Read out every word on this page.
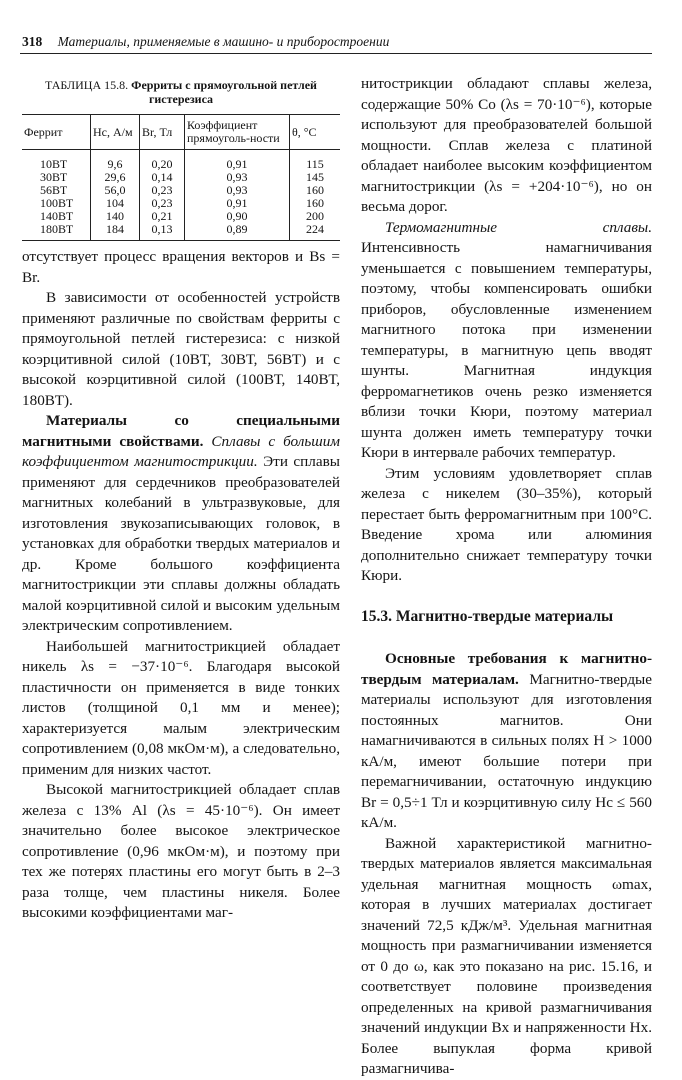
318 Материалы, применяемые в машино- и приборостроении
ТАБЛИЦА 15.8. Ферриты с прямоугольной петлей гистерезиса
Феррит	Hc, А/м	Br, Тл	Коэффициент прямоуголь-ности	θ, °С
10ВТ	9,6	0,20	0,91	115
30ВТ	29,6	0,14	0,93	145
56ВТ	56,0	0,23	0,93	160
100ВТ	104	0,23	0,91	160
140ВТ	140	0,21	0,90	200
180ВТ	184	0,13	0,89	224

отсутствует процесс вращения векторов и Bs = Br.

В зависимости от особенностей устройств применяют различные по свойствам ферриты с прямоугольной петлей гистерезиса: с низкой коэрцитивной силой (10ВТ, 30ВТ, 56ВТ) и с высокой коэрцитивной силой (100ВТ, 140ВТ, 180ВТ).

Материалы со специальными магнитными свойствами. Сплавы с большим коэффициентом магнитострикции. Эти сплавы применяют для сердечников преобразователей магнитных колебаний в ультразвуковые, для изготовления звукозаписывающих головок, в установках для обработки твердых материалов и др. Кроме большого коэффициента магнитострикции эти сплавы должны обладать малой коэрцитивной силой и высоким удельным электрическим сопротивлением.

Наибольшей магнитострикцией обладает никель λs = −37·10⁻⁶. Благодаря высокой пластичности он применяется в виде тонких листов (толщиной 0,1 мм и менее); характеризуется малым электрическим сопротивлением (0,08 мкОм·м), а следовательно, применим для низких частот.

Высокой магнитострикцией обладает сплав железа с 13% Al (λs = 45·10⁻⁶). Он имеет значительно более высокое электрическое сопротивление (0,96 мкОм·м), и поэтому при тех же потерях пластины его могут быть в 2–3 раза толще, чем пластины никеля. Более высокими коэффициентами маг-

нитострикции обладают сплавы железа, содержащие 50% Co (λs = 70·10⁻⁶), которые используют для преобразователей большой мощности. Сплав железа с платиной обладает наиболее высоким коэффициентом магнитострикции (λs = +204·10⁻⁶), но он весьма дорог.

Термомагнитные сплавы. Интенсивность намагничивания уменьшается с повышением температуры, поэтому, чтобы компенсировать ошибки приборов, обусловленные изменением магнитного потока при изменении температуры, в магнитную цепь вводят шунты. Магнитная индукция ферромагнетиков очень резко изменяется вблизи точки Кюри, поэтому материал шунта должен иметь температуру точки Кюри в интервале рабочих температур.

Этим условиям удовлетворяет сплав железа с никелем (30–35%), который перестает быть ферромагнитным при 100°С. Введение хрома или алюминия дополнительно снижает температуру точки Кюри.

15.3. Магнитно-твердые материалы

Основные требования к магнитно-твердым материалам. Магнитно-твердые материалы используют для изготовления постоянных магнитов. Они намагничиваются в сильных полях H > 1000 кА/м, имеют большие потери при перемагничивании, остаточную индукцию Br = 0,5÷1 Тл и коэрцитивную силу Hc ≤ 560 кА/м.

Важной характеристикой магнитно-твердых материалов является максимальная удельная магнитная мощность ωmax, которая в лучших материалах достигает значений 72,5 кДж/м³. Удельная магнитная мощность при размагничивании изменяется от 0 до ω, как это показано на рис. 15.16, и соответствует половине произведения определенных на кривой размагничивания значений индукции Bx и напряженности Hx. Более выпуклая форма кривой размагничива-
